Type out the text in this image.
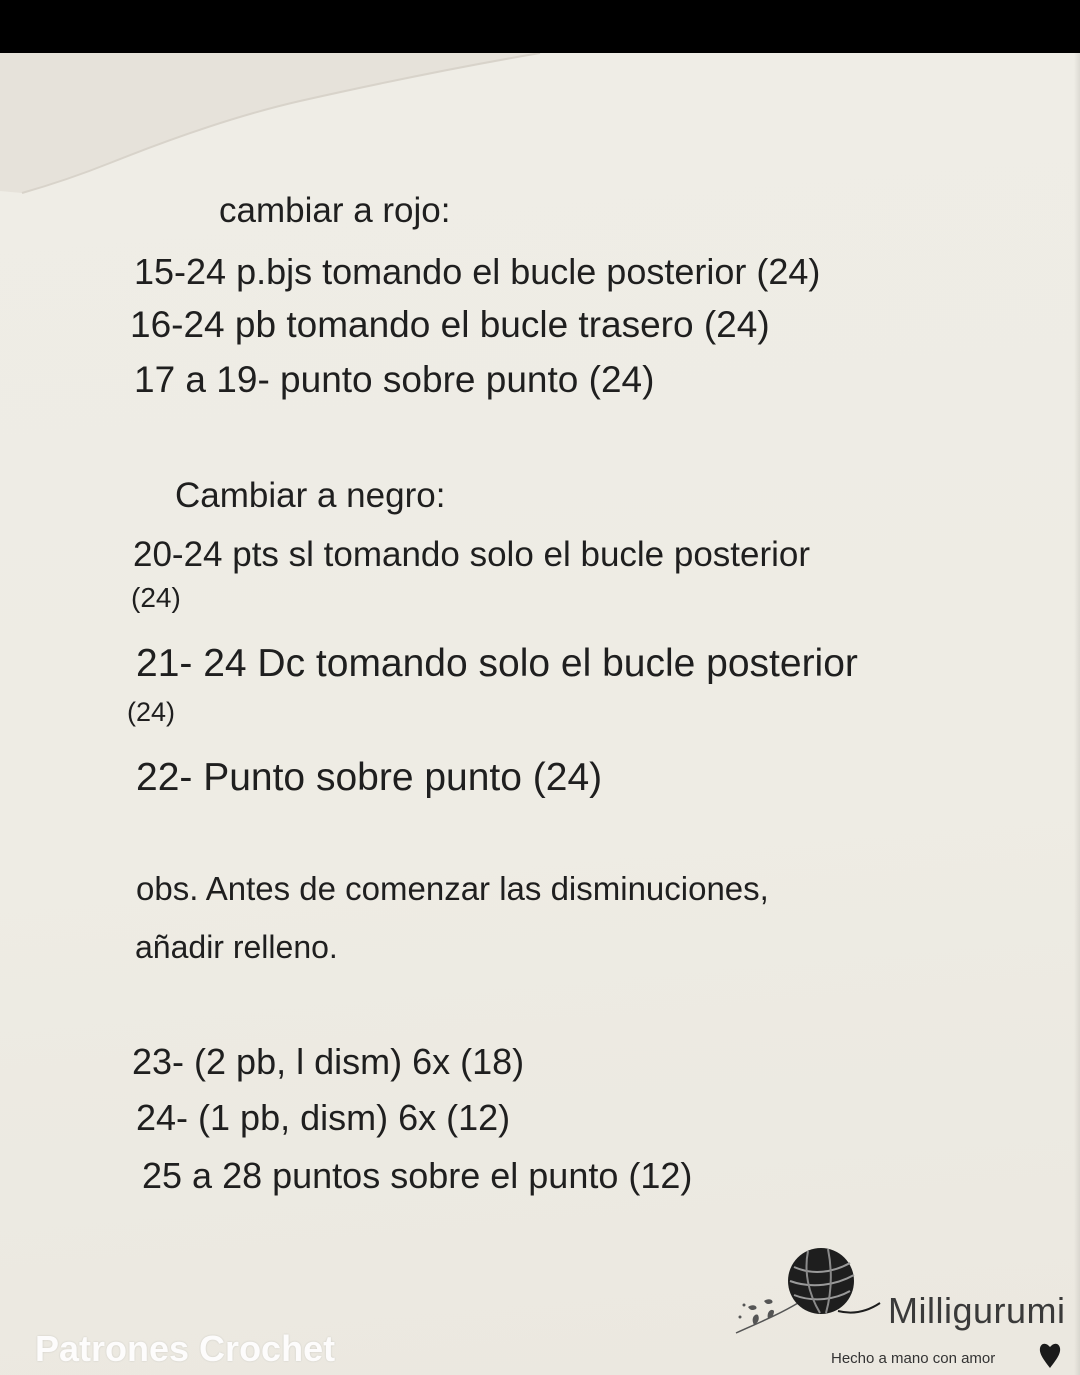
cambiar a rojo:
15-24 p.bjs tomando el bucle posterior (24)
16-24 pb tomando el bucle trasero (24)
17 a 19- punto sobre punto (24)
Cambiar a negro:
20-24 pts sl tomando solo el bucle posterior
(24)
21- 24 Dc tomando solo el bucle posterior
(24)
22- Punto sobre punto (24)
obs. Antes de comenzar las disminuciones,
añadir relleno.
23- (2 pb, l dism) 6x (18)
24- (1 pb, dism) 6x (12)
25 a 28 puntos sobre el punto (12)
Milligurumi
Hecho a mano con amor
Patrones Crochet
